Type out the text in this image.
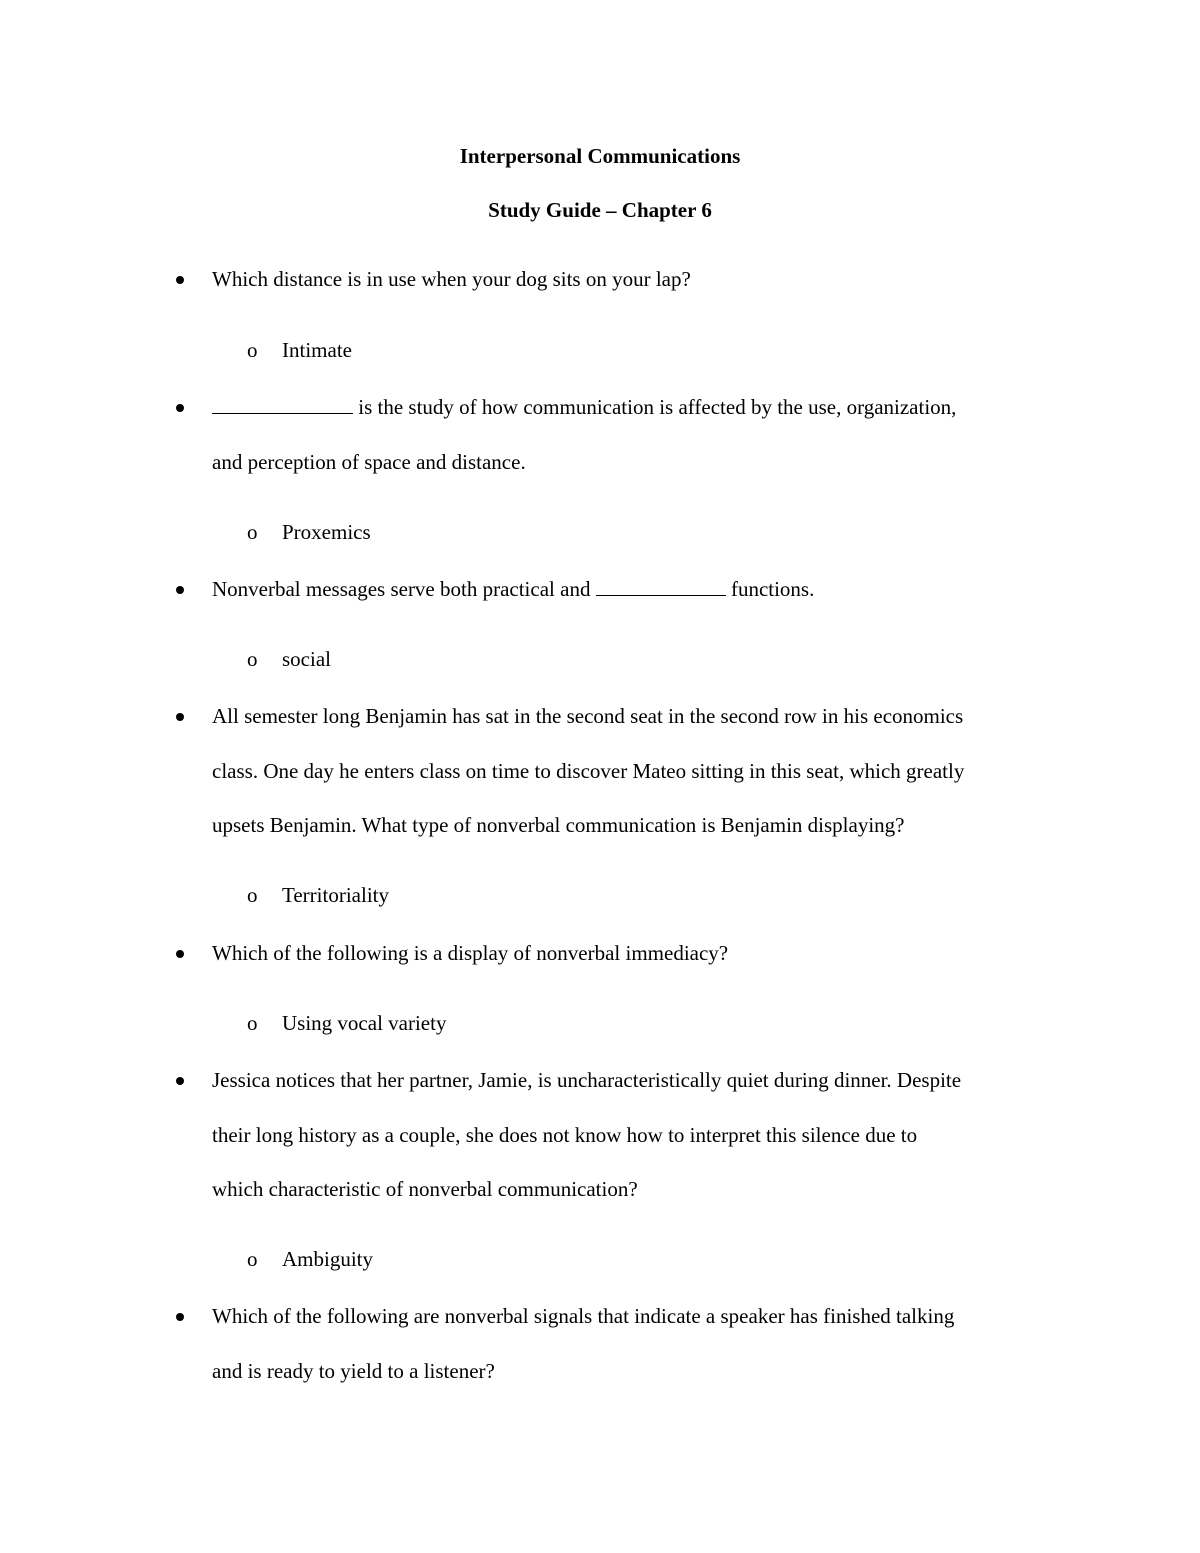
Interpersonal Communications
Study Guide – Chapter 6
Which distance is in use when your dog sits on your lap?
o Intimate
is the study of how communication is affected by the use, organization,
and perception of space and distance.
o Proxemics
Nonverbal messages serve both practical and	functions.
o social
All semester long Benjamin has sat in the second seat in the second row in his economics
class. One day he enters class on time to discover Mateo sitting in this seat, which greatly
upsets Benjamin. What type of nonverbal communication is Benjamin displaying?
o Territoriality
Which of the following is a display of nonverbal immediacy?
o Using vocal variety
Jessica notices that her partner, Jamie, is uncharacteristically quiet during dinner. Despite
their long history as a couple, she does not know how to interpret this silence due to
which characteristic of nonverbal communication?
o Ambiguity
Which of the following are nonverbal signals that indicate a speaker has finished talking
and is ready to yield to a listener?
